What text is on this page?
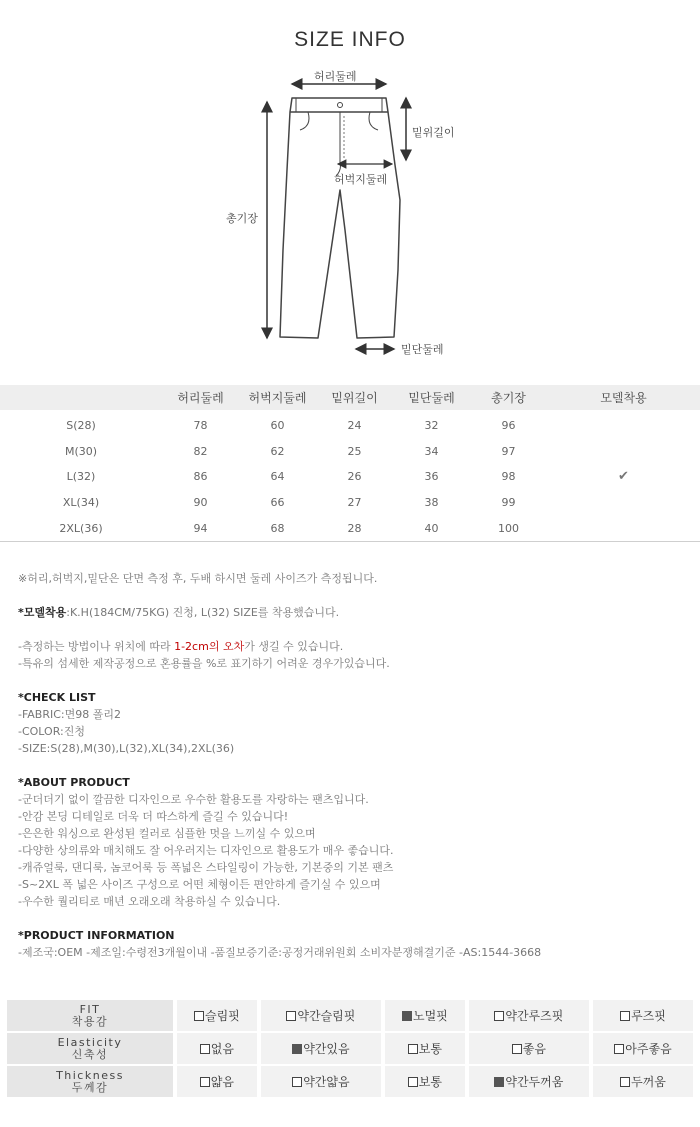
SIZE INFO
허리둘레
밑위길이
허벅지둘레
총기장
밑단둘레
	허리둘레	허벅지둘레	밑위길이	밑단둘레	총기장	모델착용
S(28)	78	60	24	32	96	
M(30)	82	62	25	34	97	
L(32)	86	64	26	36	98	✔
XL(34)	90	66	27	38	99	
2XL(36)	94	68	28	40	100	

※허리,허벅지,밑단은 단면 측정 후, 두배 하시면 둘레 사이즈가 측정됩니다.

*모델착용:K.H(184CM/75KG) 진청, L(32) SIZE를 착용했습니다.

-측정하는 방법이나 위치에 따라 1-2cm의 오차가 생길 수 있습니다.

-특유의 섬세한 제작공정으로 혼용률을 %로 표기하기 어려운 경우가있습니다.

*CHECK LIST

-FABRIC:면98 폴리2

-COLOR:진청

-SIZE:S(28),M(30),L(32),XL(34),2XL(36)

*ABOUT PRODUCT

-군더더기 없이 깔끔한 디자인으로 우수한 활용도를 자랑하는 팬츠입니다.

-안감 본딩 디테일로 더욱 더 따스하게 즐길 수 있습니다!

-은은한 워싱으로 완성된 컬러로 심플한 멋을 느끼실 수 있으며

-다양한 상의류와 매치해도 잘 어우러지는 디자인으로 활용도가 매우 좋습니다.

-캐쥬얼룩, 댄디룩, 놈코어룩 등 폭넓은 스타일링이 가능한, 기본중의 기본 팬츠

-S~2XL 폭 넓은 사이즈 구성으로 어떤 체형이든 편안하게 즐기실 수 있으며

-우수한 퀄리티로 매년 오래오래 착용하실 수 있습니다.

*PRODUCT INFORMATION

-제조국:OEM -제조일:수령전3개월이내 -품질보증기준:공정거래위원회 소비자분쟁해결기준 -AS:1544-3668

FIT
착용감		슬림핏		약간슬림핏		노멀핏		약간루즈핏		루즈핏

Elasticity
신축성		없음		약간있음		보통		좋음		아주좋음

Thickness
두께감		얇음		약간얇음		보통		약간두꺼움		두꺼움
